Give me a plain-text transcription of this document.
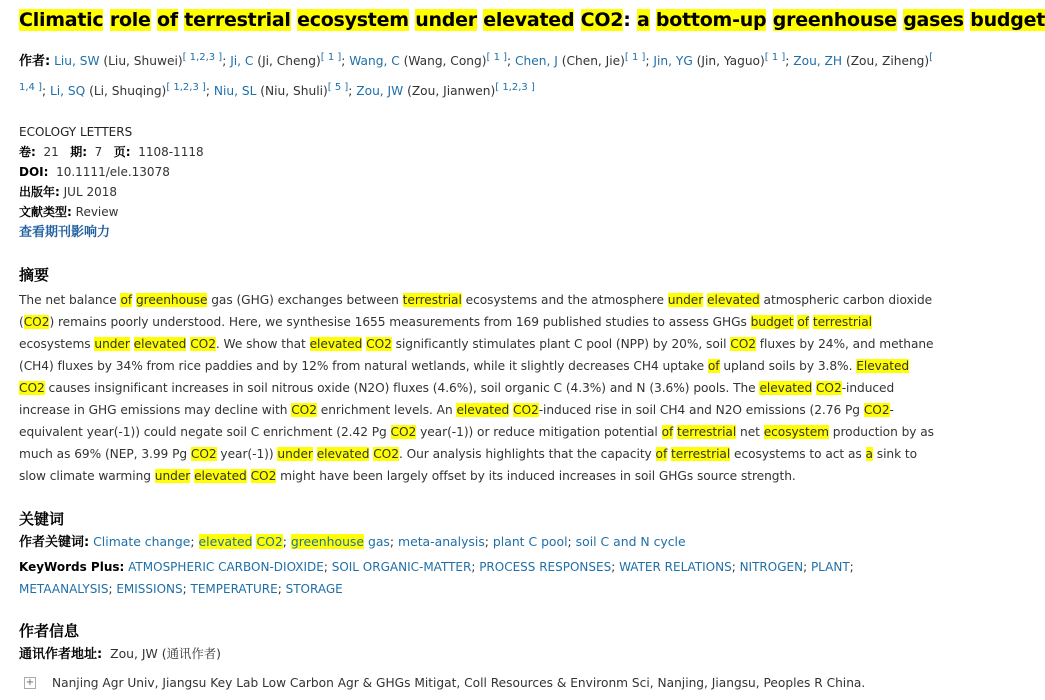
Climatic role of terrestrial ecosystem under elevated CO2: a bottom-up greenhouse gases budget
作者: Liu, SW (Liu, Shuwei)[ 1,2,3 ]; Ji, C (Ji, Cheng)[ 1 ]; Wang, C (Wang, Cong)[ 1 ]; Chen, J (Chen, Jie)[ 1 ]; Jin, YG (Jin, Yaguo)[ 1 ]; Zou, ZH (Zou, Ziheng)[ 1,4 ]; Li, SQ (Li, Shuqing)[ 1,2,3 ]; Niu, SL (Niu, Shuli)[ 5 ]; Zou, JW (Zou, Jianwen)[ 1,2,3 ]
ECOLOGY LETTERS
卷: 21 期: 7 页: 1108-1118
DOI: 10.1111/ele.13078
出版年: JUL 2018
文献类型: Review
查看期刊影响力
摘要
The net balance of greenhouse gas (GHG) exchanges between terrestrial ecosystems and the atmosphere under elevated atmospheric carbon dioxide (CO2) remains poorly understood. Here, we synthesise 1655 measurements from 169 published studies to assess GHGs budget of terrestrial ecosystems under elevated CO2. We show that elevated CO2 significantly stimulates plant C pool (NPP) by 20%, soil CO2 fluxes by 24%, and methane (CH4) fluxes by 34% from rice paddies and by 12% from natural wetlands, while it slightly decreases CH4 uptake of upland soils by 3.8%. Elevated CO2 causes insignificant increases in soil nitrous oxide (N2O) fluxes (4.6%), soil organic C (4.3%) and N (3.6%) pools. The elevated CO2-induced increase in GHG emissions may decline with CO2 enrichment levels. An elevated CO2-induced rise in soil CH4 and N2O emissions (2.76 Pg CO2-equivalent year(-1)) could negate soil C enrichment (2.42 Pg CO2 year(-1)) or reduce mitigation potential of terrestrial net ecosystem production by as much as 69% (NEP, 3.99 Pg CO2 year(-1)) under elevated CO2. Our analysis highlights that the capacity of terrestrial ecosystems to act as a sink to slow climate warming under elevated CO2 might have been largely offset by its induced increases in soil GHGs source strength.
关键词
作者关键词: Climate change; elevated CO2; greenhouse gas; meta-analysis; plant C pool; soil C and N cycle
KeyWords Plus: ATMOSPHERIC CARBON-DIOXIDE; SOIL ORGANIC-MATTER; PROCESS RESPONSES; WATER RELATIONS; NITROGEN; PLANT; METAANALYSIS; EMISSIONS; TEMPERATURE; STORAGE
作者信息
通讯作者地址: Zou, JW (通讯作者)
+ Nanjing Agr Univ, Jiangsu Key Lab Low Carbon Agr & GHGs Mitigat, Coll Resources & Environm Sci, Nanjing, Jiangsu, Peoples R China.
